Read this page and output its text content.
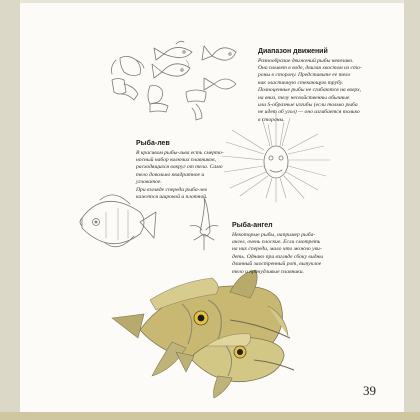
Диапазон движений

Разнообразие движений рыбы невелико.
Она плывет в воде, двигая хвостом из сто-
роны в сторону. Представьте ее тело
как эластичную стекающую трубу.
Полноценные рыбы не сгибаются на вверх,
на вниз, телу несвойственны обычные
или S-образные изгибы (если только рыба
не идет об угол) — оно изгибается только
в стороны.

Рыба-лев

В красивом рыбы-льва есть смерто-
носный набор колючих плавников,
расходящихся вокруг от тела. Само
тело довольно квадратное и угловатое.
При взгляде спереди рыба-лев
кажется широкой и плотной.

Рыба-ангел

Некоторые рыбы, например рыба-
ангел, очень плоские. Если смотреть
на них спереди, мало что можно уви-
деть. Однако при взгляде сбоку видны
длинный заостренный рот, выпуклое
тело и причудливые плавники.

39
